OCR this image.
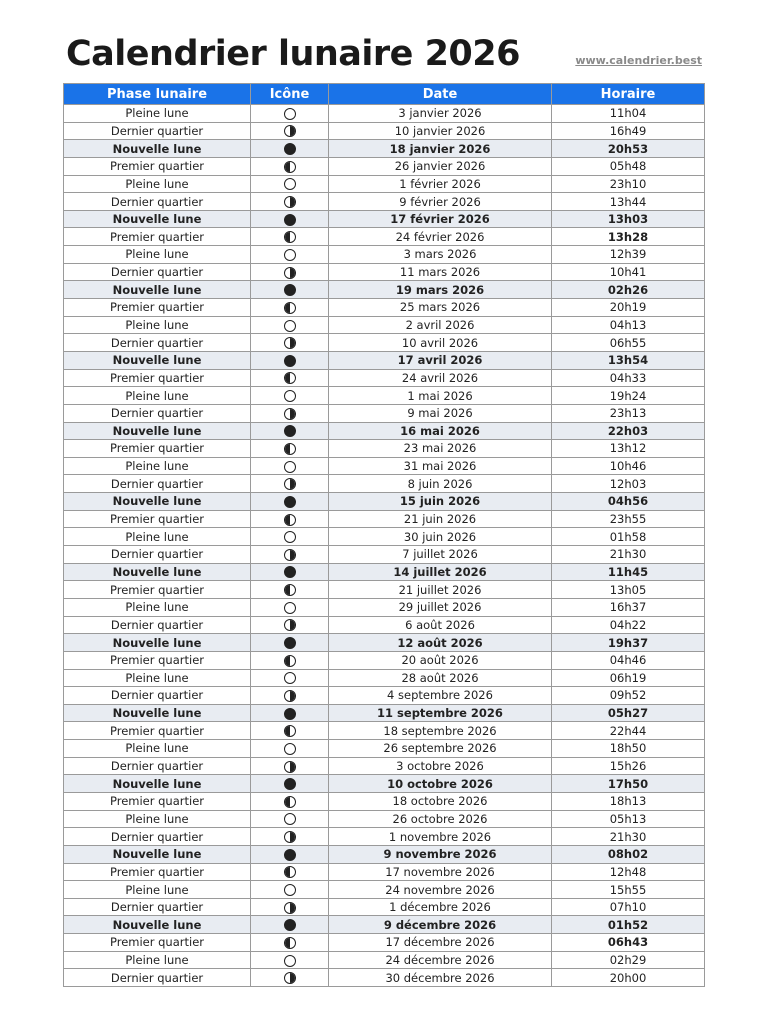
Calendrier lunaire 2026	www.calendrier.best
Phase lunaire	Icône	Date	Horaire
Pleine lune		3 janvier 2026	11h04
Dernier quartier		10 janvier 2026	16h49
Nouvelle lune		18 janvier 2026	20h53
Premier quartier		26 janvier 2026	05h48
Pleine lune		1 février 2026	23h10
Dernier quartier		9 février 2026	13h44
Nouvelle lune		17 février 2026	13h03
Premier quartier		24 février 2026	13h28
Pleine lune		3 mars 2026	12h39
Dernier quartier		11 mars 2026	10h41
Nouvelle lune		19 mars 2026	02h26
Premier quartier		25 mars 2026	20h19
Pleine lune		2 avril 2026	04h13
Dernier quartier		10 avril 2026	06h55
Nouvelle lune		17 avril 2026	13h54
Premier quartier		24 avril 2026	04h33
Pleine lune		1 mai 2026	19h24
Dernier quartier		9 mai 2026	23h13
Nouvelle lune		16 mai 2026	22h03
Premier quartier		23 mai 2026	13h12
Pleine lune		31 mai 2026	10h46
Dernier quartier		8 juin 2026	12h03
Nouvelle lune		15 juin 2026	04h56
Premier quartier		21 juin 2026	23h55
Pleine lune		30 juin 2026	01h58
Dernier quartier		7 juillet 2026	21h30
Nouvelle lune		14 juillet 2026	11h45
Premier quartier		21 juillet 2026	13h05
Pleine lune		29 juillet 2026	16h37
Dernier quartier		6 août 2026	04h22
Nouvelle lune		12 août 2026	19h37
Premier quartier		20 août 2026	04h46
Pleine lune		28 août 2026	06h19
Dernier quartier		4 septembre 2026	09h52
Nouvelle lune		11 septembre 2026	05h27
Premier quartier		18 septembre 2026	22h44
Pleine lune		26 septembre 2026	18h50
Dernier quartier		3 octobre 2026	15h26
Nouvelle lune		10 octobre 2026	17h50
Premier quartier		18 octobre 2026	18h13
Pleine lune		26 octobre 2026	05h13
Dernier quartier		1 novembre 2026	21h30
Nouvelle lune		9 novembre 2026	08h02
Premier quartier		17 novembre 2026	12h48
Pleine lune		24 novembre 2026	15h55
Dernier quartier		1 décembre 2026	07h10
Nouvelle lune		9 décembre 2026	01h52
Premier quartier		17 décembre 2026	06h43
Pleine lune		24 décembre 2026	02h29
Dernier quartier		30 décembre 2026	20h00
